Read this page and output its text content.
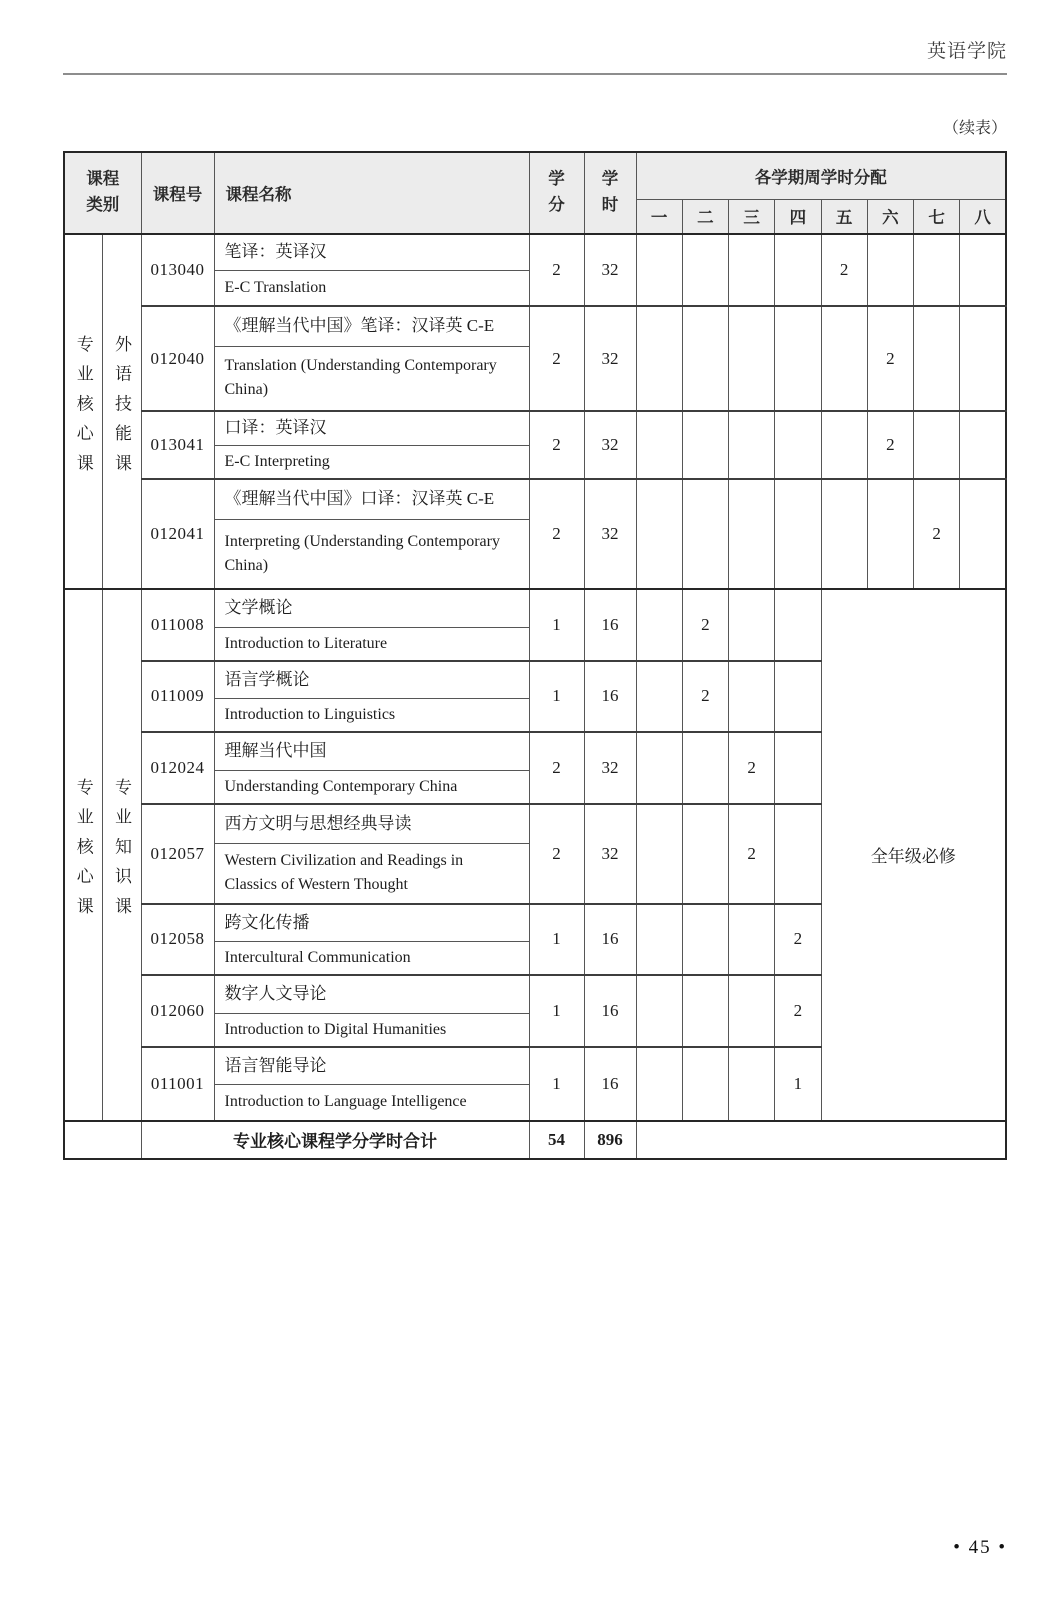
英语学院
（续表）
课程类别		课程号	课程名称	学分	学时	各学期周学时分配							
						一	二	三	四	五	六	七	八
专业核心课	外语技能课	013040	笔译：英译汉	2	32					2			
			E-C Translation										
		012040	《理解当代中国》笔译：汉译英 C-E	2	32						2		
			Translation (Understanding Contemporary China)										
		013041	口译：英译汉	2	32						2		
			E-C Interpreting										
		012041	《理解当代中国》口译：汉译英 C-E	2	32							2	
			Interpreting (Understanding Contemporary China)										
专业核心课	专业知识课	011008	文学概论	1	16		2			全年级必修			
			Introduction to Literature										
		011009	语言学概论	1	16		2						
			Introduction to Linguistics										
		012024	理解当代中国	2	32			2					
			Understanding Contemporary China										
		012057	西方文明与思想经典导读	2	32			2					
			Western Civilization and Readings in Classics of Western Thought										
		012058	跨文化传播	1	16				2				
			Intercultural Communication										
		012060	数字人文导论	1	16				2				
			Introduction to Digital Humanities										
		011001	语言智能导论	1	16				1				
			Introduction to Language Intelligence										
		专业核心课程学分学时合计		54	896								
• 45 •
